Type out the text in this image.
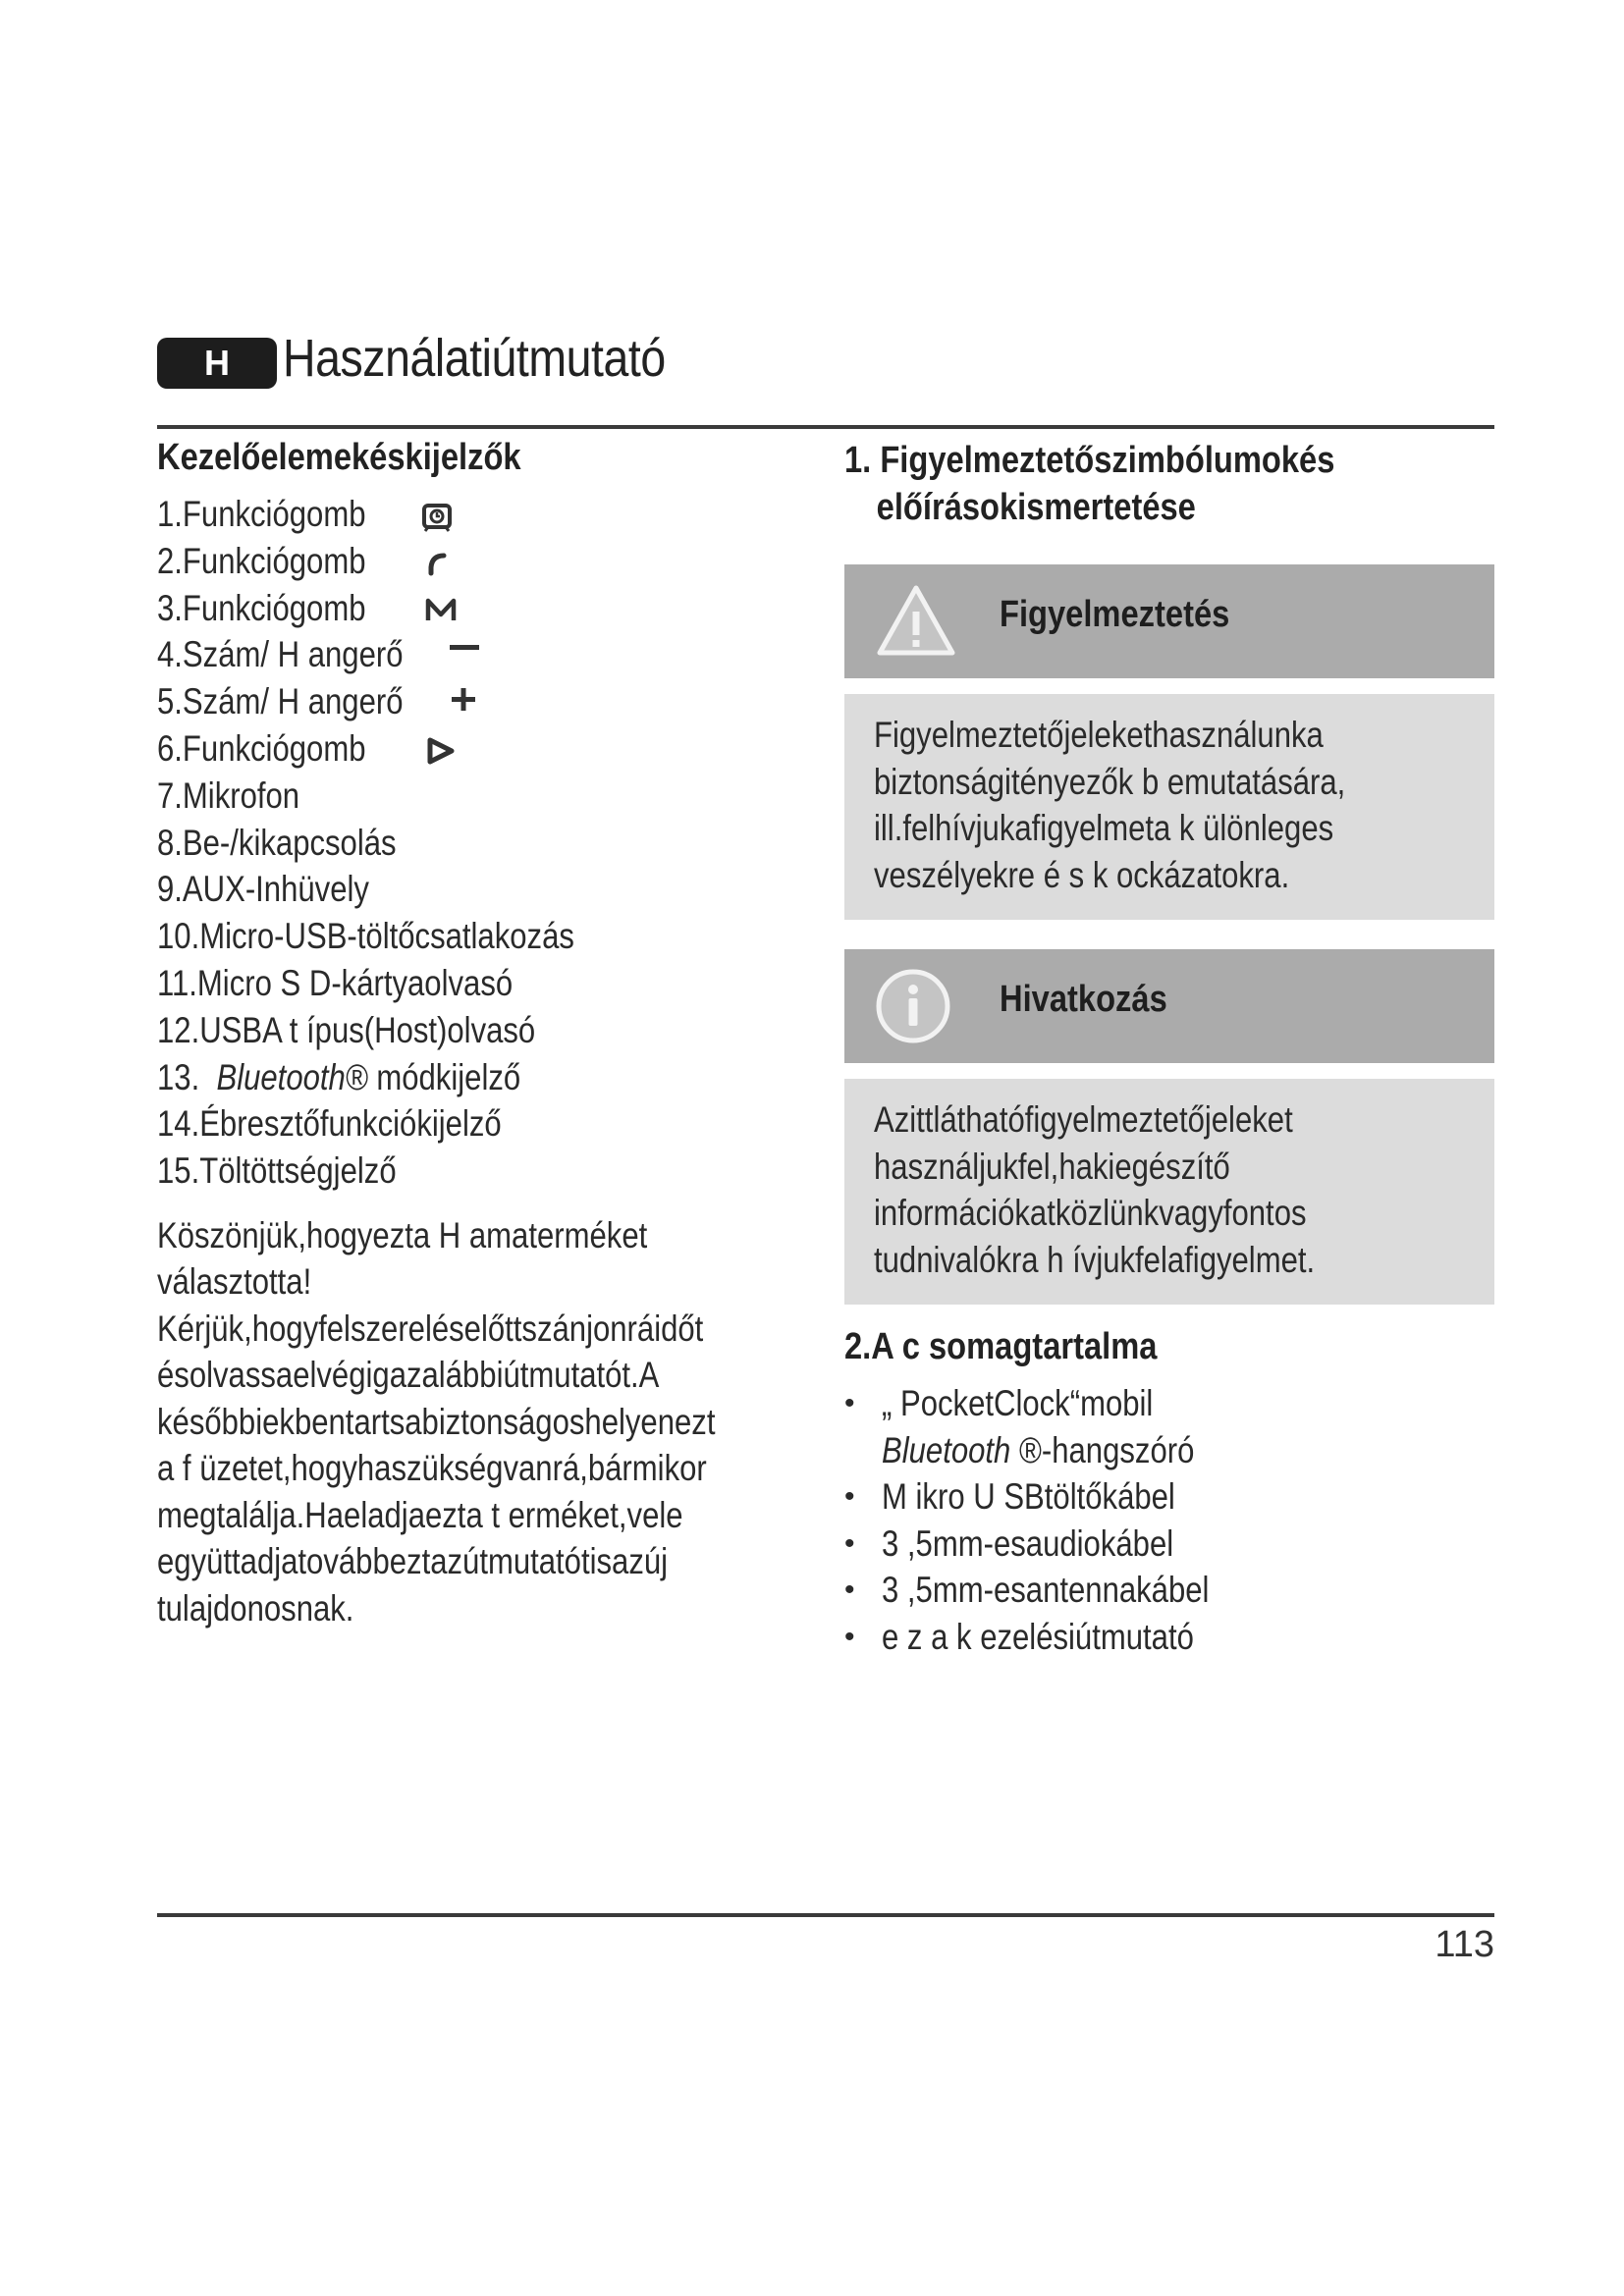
H	Használatiútmutató
Kezelőelemekéskijelzők
1.Funkciógomb
2.Funkciógomb
3.Funkciógomb
4.Szám/ H angerő
5.Szám/ H angerő
6.Funkciógomb
7.Mikrofon
8.Be-/kikapcsolás
9.AUX-Inhüvely
10.Micro-USB-töltőcsatlakozás
11.Micro S D-kártyaolvasó
12.USBA t ípus(Host)olvasó
13. Bluetooth® módkijelző
14.Ébresztőfunkciókijelző
15.Töltöttségjelző

Köszönjük,hogyezta H amaterméket

választotta!

Kérjük,hogyfelszereléselőttszánjonráidőt

ésolvassaelvégigazalábbiútmutatót.A

későbbiekbentartsabiztonságoshelyenezt

a f üzetet,hogyhaszükségvanrá,bármikor

megtalálja.Haeladjaezta t erméket,vele

együttadjatovábbeztazútmutatótisazúj

tulajdonosnak.

1. Figyelmeztetőszimbólumokés
előírásokismertetése
Figyelmeztetés

Figyelmeztetőjelekethasználunka

biztonságitényezők b emutatására,

ill.felhívjukafigyelmeta k ülönleges

veszélyekre é s k ockázatokra.

Hivatkozás

Azittláthatófigyelmeztetőjeleket

használjukfel,hakiegészítő

információkatközlünkvagyfontos

tudnivalókra h ívjukfelafigyelmet.

2.A c somagtartalma
• „ PocketClock“mobil
Bluetooth ®-hangszóró
• M ikro U SBtöltőkábel
• 3 ,5mm-esaudiokábel
• 3 ,5mm-esantennakábel
• e z a k ezelésiútmutató
113
